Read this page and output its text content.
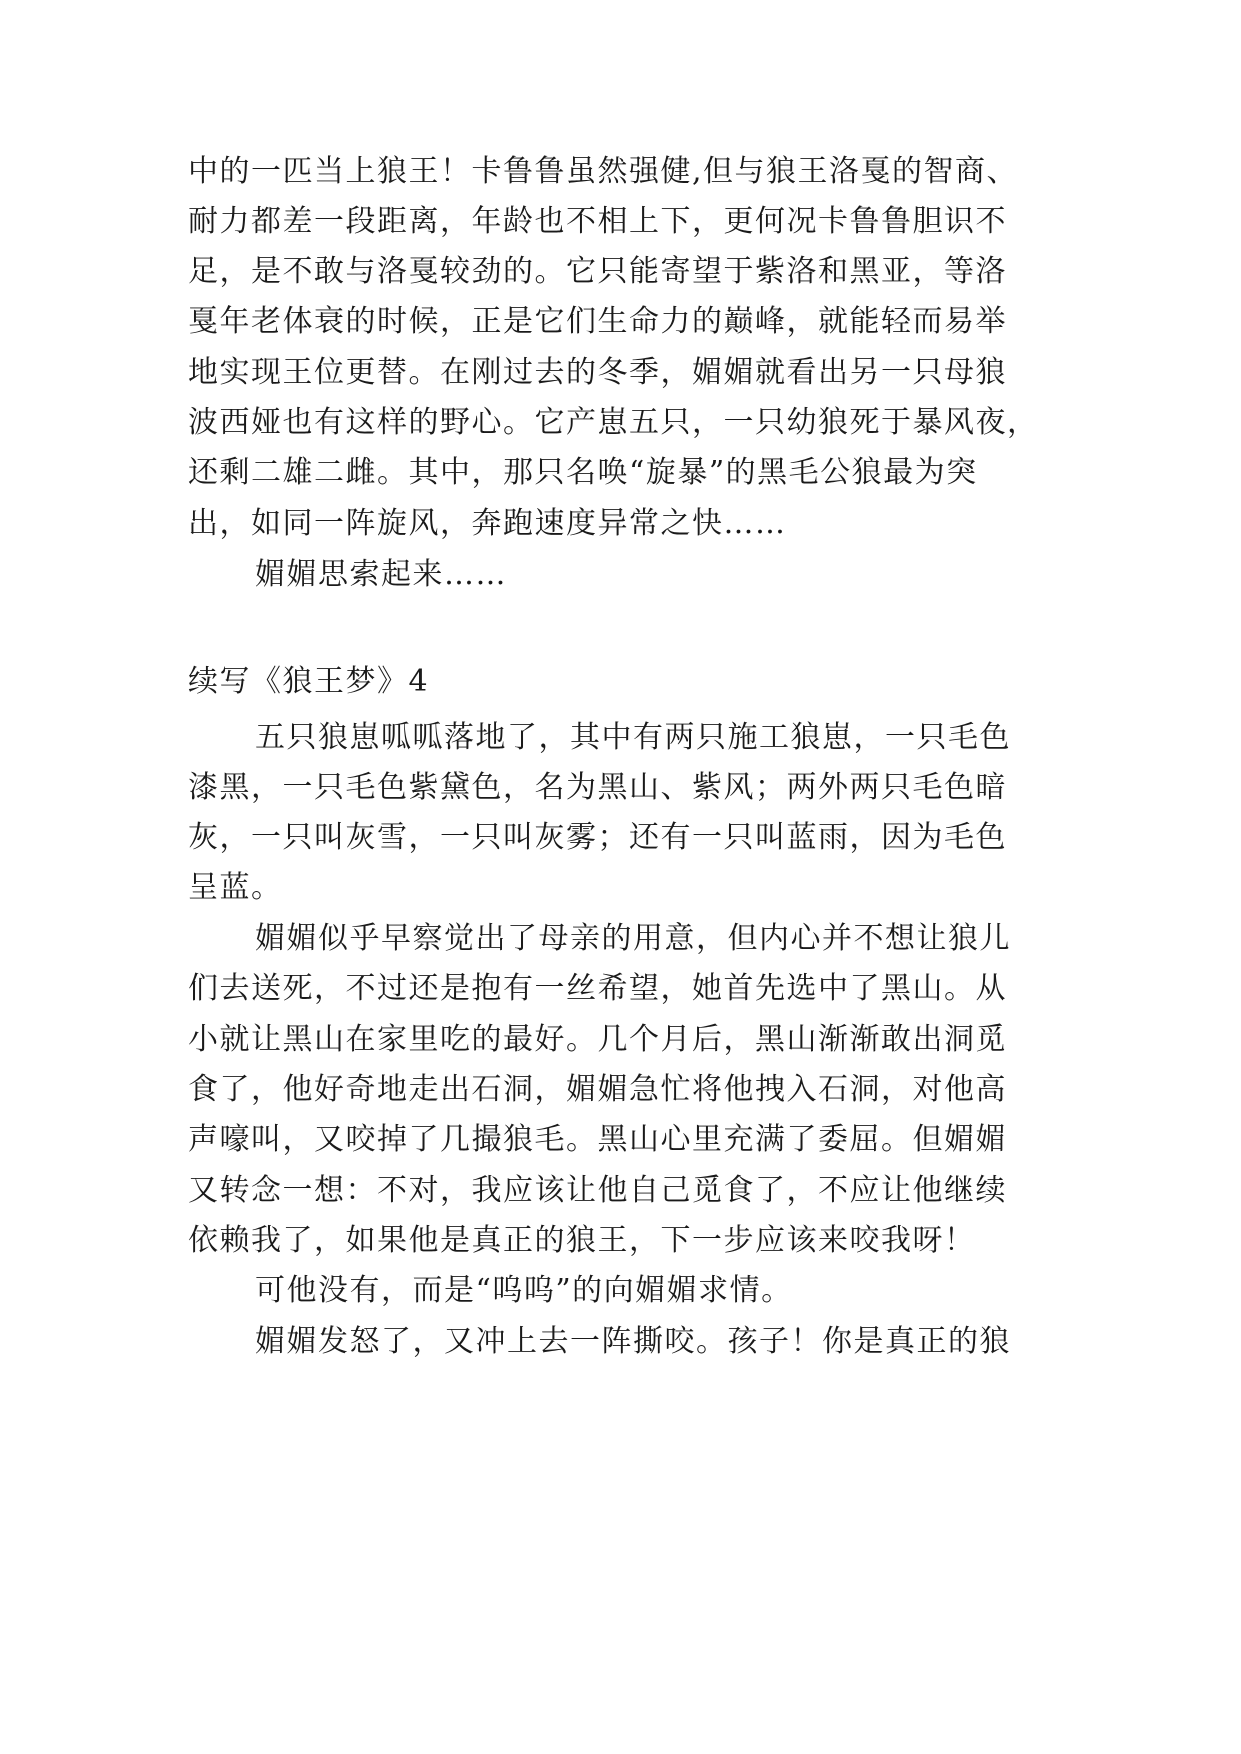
中的一匹当上狼王！卡鲁鲁虽然强健,但与狼王洛戛的智商、
耐力都差一段距离，年龄也不相上下，更何况卡鲁鲁胆识不
足，是不敢与洛戛较劲的。它只能寄望于紫洛和黑亚，等洛
戛年老体衰的时候，正是它们生命力的巅峰，就能轻而易举
地实现王位更替。在刚过去的冬季，媚媚就看出另一只母狼
波西娅也有这样的野心。它产崽五只，一只幼狼死于暴风夜，
还剩二雄二雌。其中，那只名唤“旋暴”的黑毛公狼最为突
出，如同一阵旋风，奔跑速度异常之快……
媚媚思索起来……
续写《狼王梦》4
五只狼崽呱呱落地了，其中有两只施工狼崽，一只毛色
漆黑，一只毛色紫黛色，名为黑山、紫风；两外两只毛色暗
灰，一只叫灰雪，一只叫灰雾；还有一只叫蓝雨，因为毛色
呈蓝。
媚媚似乎早察觉出了母亲的用意，但内心并不想让狼儿
们去送死，不过还是抱有一丝希望，她首先选中了黑山。从
小就让黑山在家里吃的最好。几个月后，黑山渐渐敢出洞觅
食了，他好奇地走出石洞，媚媚急忙将他拽入石洞，对他高
声嚎叫，又咬掉了几撮狼毛。黑山心里充满了委屈。但媚媚
又转念一想：不对，我应该让他自己觅食了，不应让他继续
依赖我了，如果他是真正的狼王，下一步应该来咬我呀！
可他没有，而是“呜呜”的向媚媚求情。
媚媚发怒了，又冲上去一阵撕咬。孩子！你是真正的狼
